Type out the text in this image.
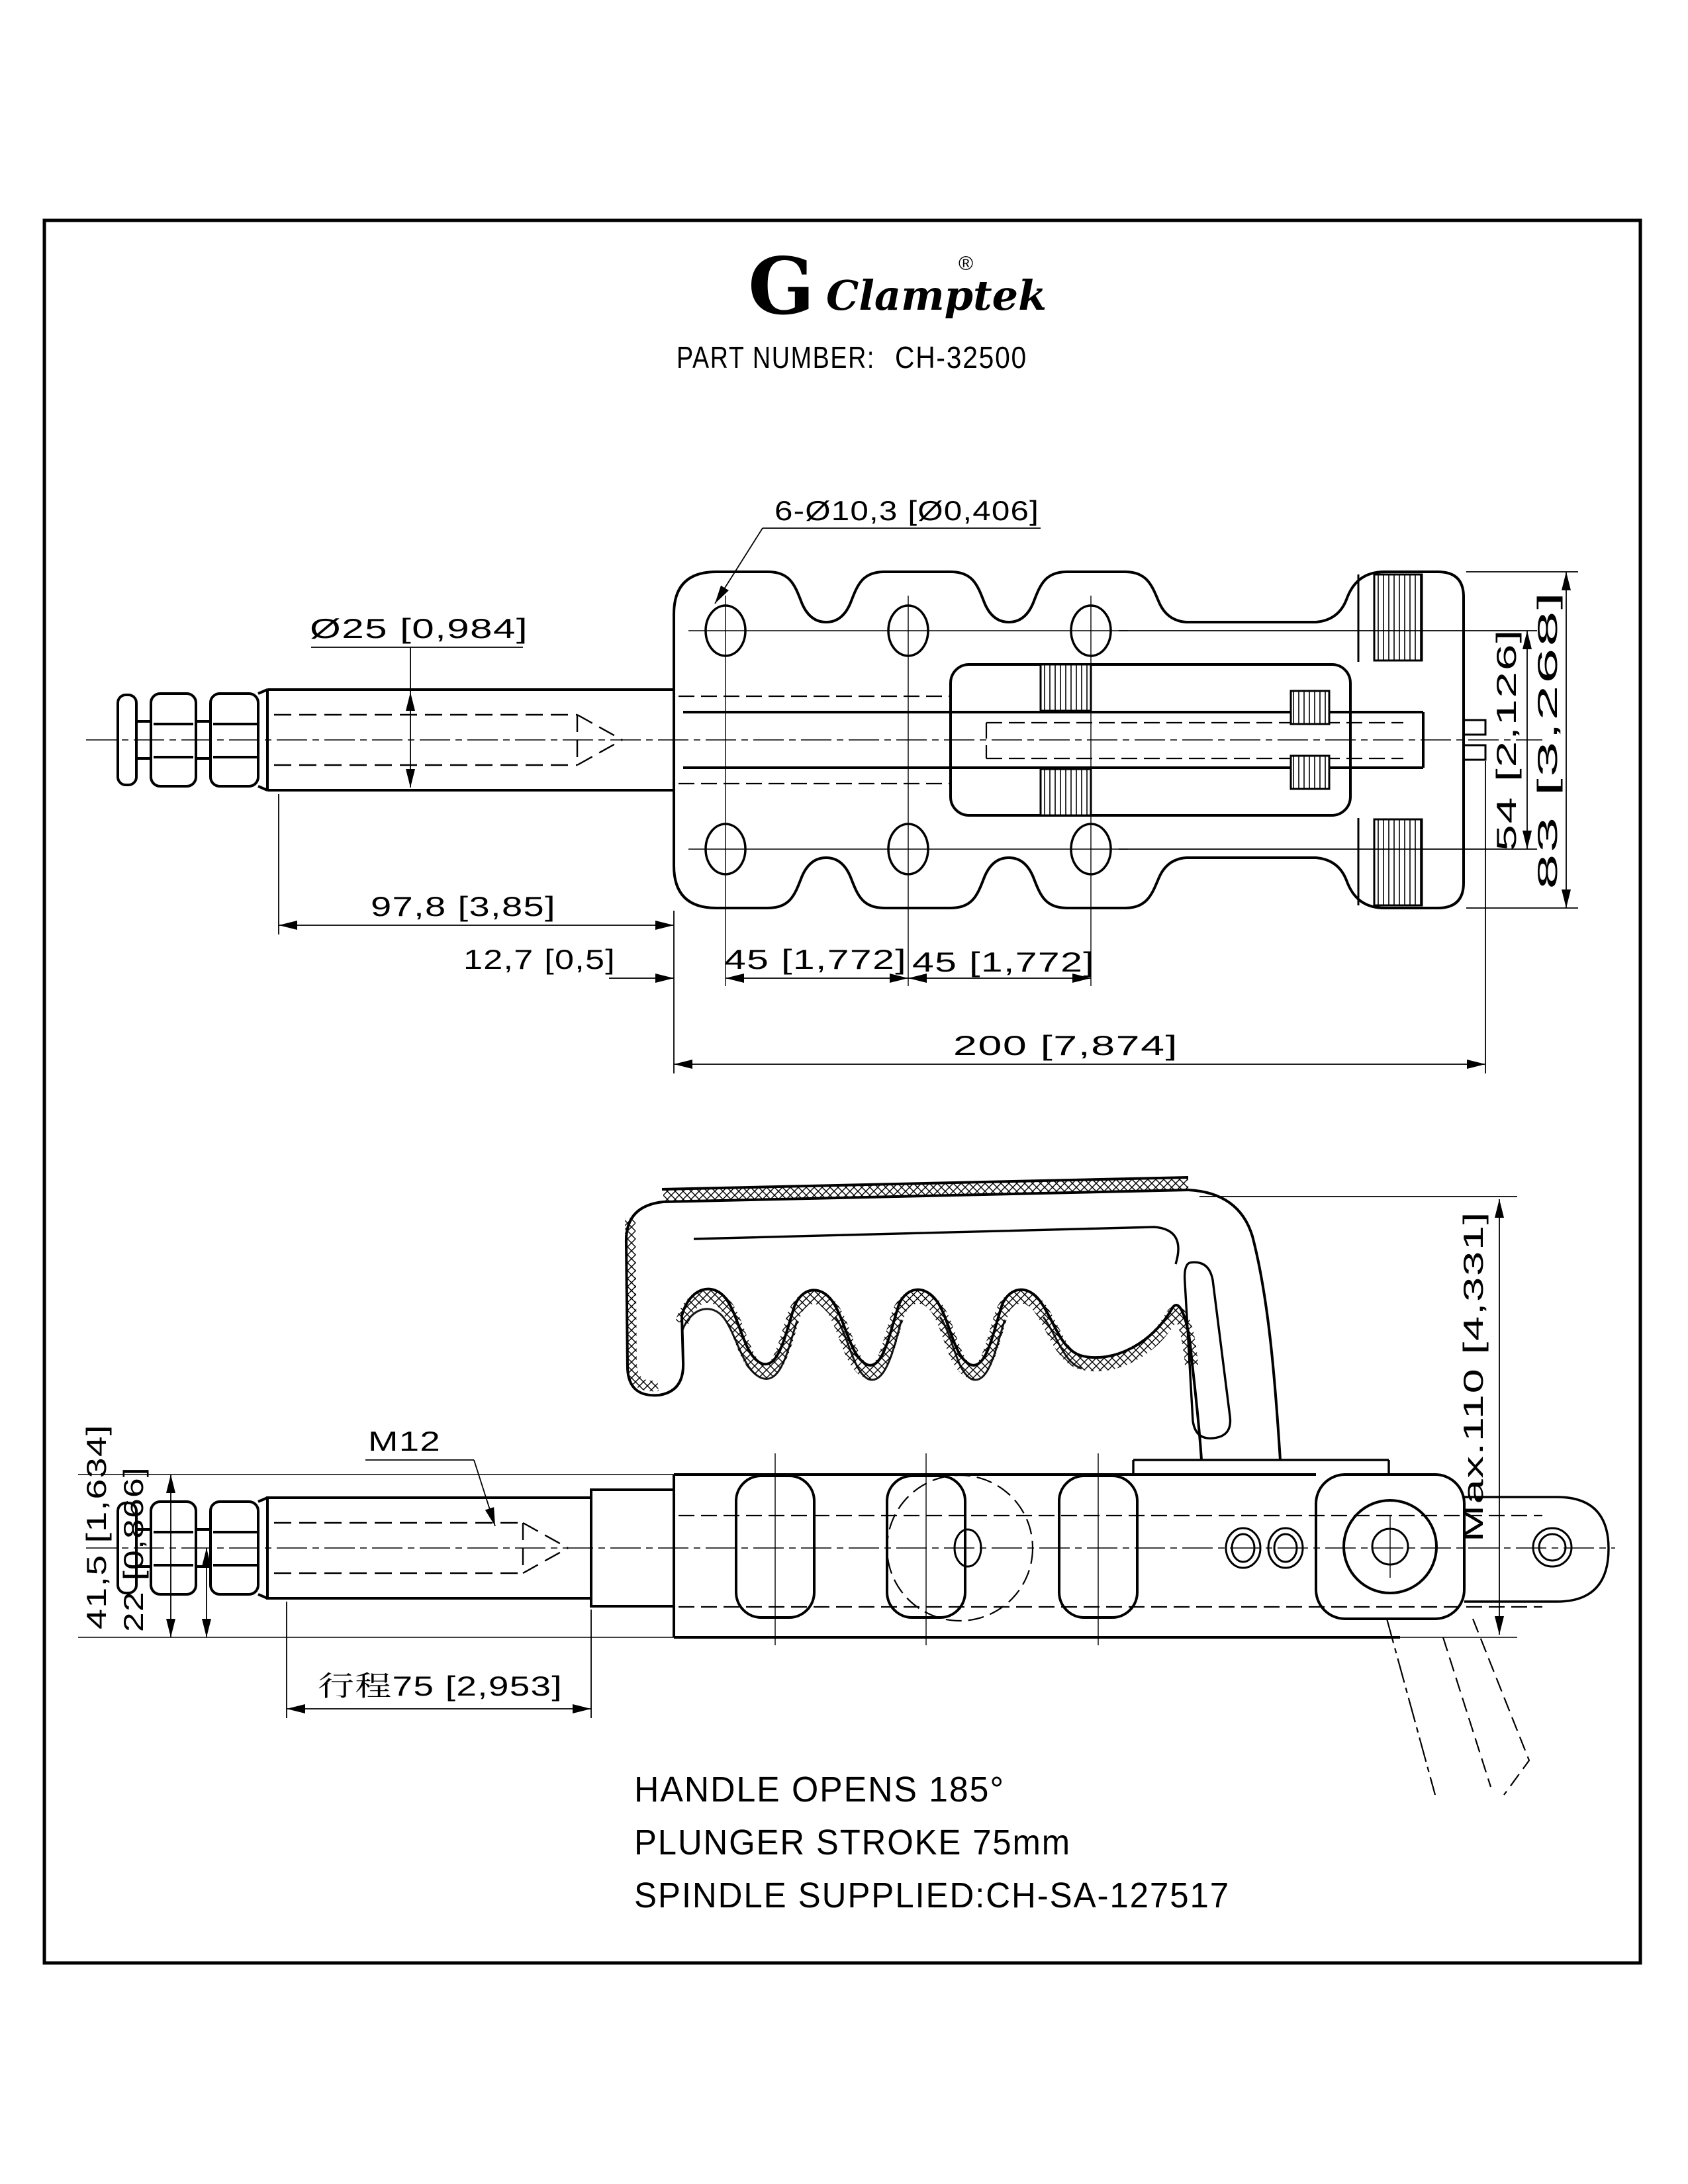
G Clamptek
®
PART NUMBER: CH-32500
6-Ø10,3 [Ø0,406]
Ø25 [0,984]
97,8 [3,85]
12,7 [0,5]	45 [1,772] 45 [1,772]
200 [7,874]
54 [2,126] 83 [3,268]
M12
41,5 [1,634] 22 [0,866]
行程75 [2,953]
Max.110 [4,331]
HANDLE OPENS 185°
PLUNGER STROKE 75mm
SPINDLE SUPPLIED:CH-SA-127517
